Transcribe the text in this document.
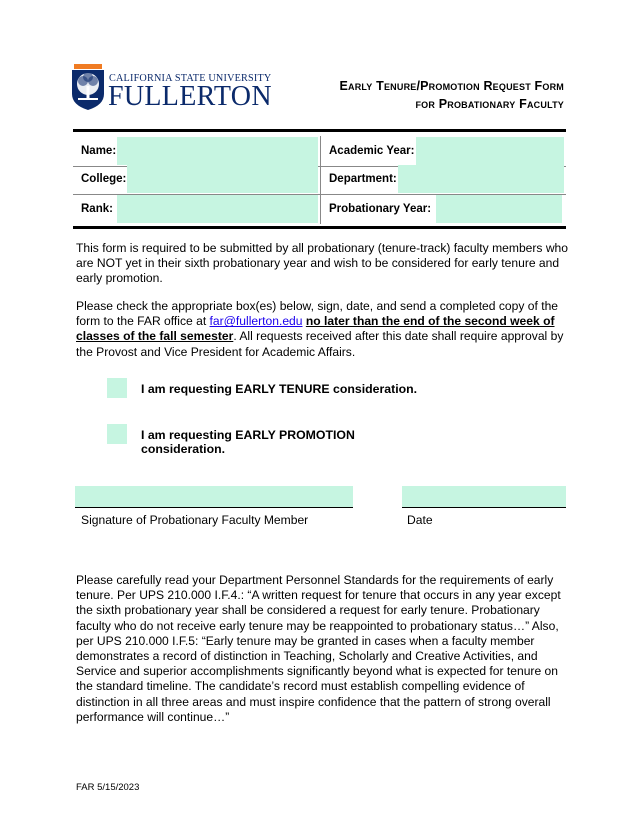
CALIFORNIA STATE UNIVERSITY
FULLERTON	Early Tenure/Promotion Request Form
for Probationary Faculty
Name:	Academic Year:
College:	Department:
Rank:	Probationary Year:
This form is required to be submitted by all probationary (tenure-track) faculty members who are NOT yet in their sixth probationary year and wish to be considered for early tenure and early promotion.
Please check the appropriate box(es) below, sign, date, and send a completed copy of the form to the FAR office at far@fullerton.edu no later than the end of the second week of classes of the fall semester. All requests received after this date shall require approval by the Provost and Vice President for Academic Affairs.
I am requesting EARLY TENURE consideration.
I am requesting EARLY PROMOTION consideration.
Signature of Probationary Faculty Member	Date
Please carefully read your Department Personnel Standards for the requirements of early tenure. Per UPS 210.000 I.F.4.: “A written request for tenure that occurs in any year except the sixth probationary year shall be considered a request for early tenure. Probationary faculty who do not receive early tenure may be reappointed to probationary status…” Also, per UPS 210.000 I.F.5: “Early tenure may be granted in cases when a faculty member demonstrates a record of distinction in Teaching, Scholarly and Creative Activities, and Service and superior accomplishments significantly beyond what is expected for tenure on the standard timeline. The candidate’s record must establish compelling evidence of distinction in all three areas and must inspire confidence that the pattern of strong overall performance will continue…”
FAR 5/15/2023
